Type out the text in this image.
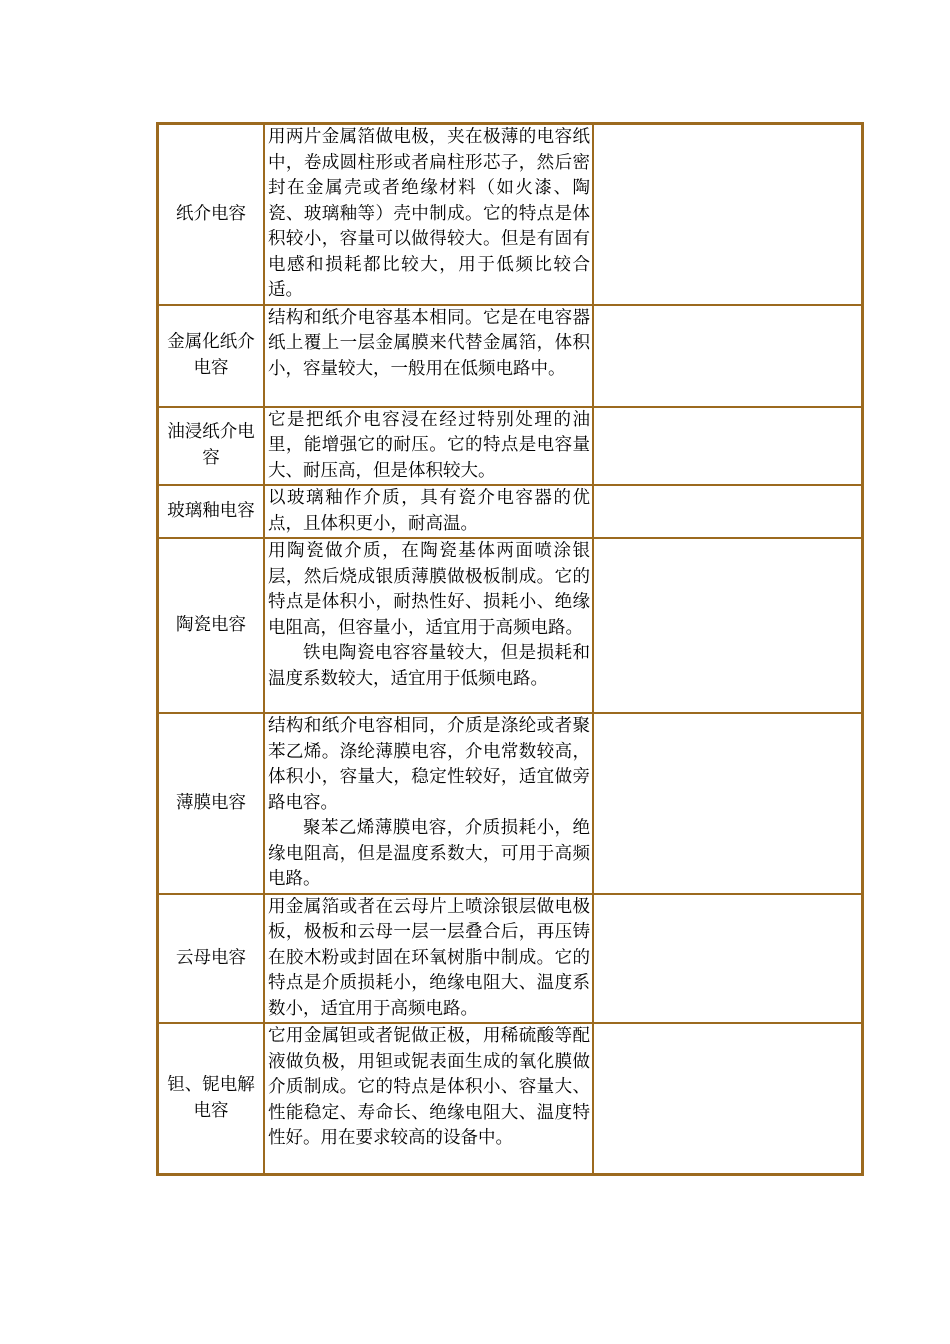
纸介电容	用两片金属箔做电极，夹在极薄的电容纸中，卷成圆柱形或者扁柱形芯子，然后密封在金属壳或者绝缘材料（如火漆、陶瓷、玻璃釉等）壳中制成。它的特点是体积较小，容量可以做得较大。但是有固有电感和损耗都比较大，用于低频比较合适。	

金属化纸介电容	结构和纸介电容基本相同。它是在电容器纸上覆上一层金属膜来代替金属箔，体积小，容量较大，一般用在低频电路中。	

油浸纸介电容	它是把纸介电容浸在经过特别处理的油里，能增强它的耐压。它的特点是电容量大、耐压高，但是体积较大。	

玻璃釉电容	以玻璃釉作介质，具有瓷介电容器的优点，且体积更小，耐高温。	

陶瓷电容	用陶瓷做介质，在陶瓷基体两面喷涂银层，然后烧成银质薄膜做极板制成。它的特点是体积小，耐热性好、损耗小、绝缘电阻高，但容量小，适宜用于高频电路。

铁电陶瓷电容容量较大，但是损耗和温度系数较大，适宜用于低频电路。	

薄膜电容	结构和纸介电容相同，介质是涤纶或者聚苯乙烯。涤纶薄膜电容，介电常数较高，体积小，容量大，稳定性较好，适宜做旁路电容。

聚苯乙烯薄膜电容，介质损耗小，绝缘电阻高，但是温度系数大，可用于高频电路。	

云母电容	用金属箔或者在云母片上喷涂银层做电极板，极板和云母一层一层叠合后，再压铸在胶木粉或封固在环氧树脂中制成。它的特点是介质损耗小，绝缘电阻大、温度系数小，适宜用于高频电路。	

钽、铌电解电容	它用金属钽或者铌做正极，用稀硫酸等配液做负极，用钽或铌表面生成的氧化膜做介质制成。它的特点是体积小、容量大、性能稳定、寿命长、绝缘电阻大、温度特性好。用在要求较高的设备中。	
